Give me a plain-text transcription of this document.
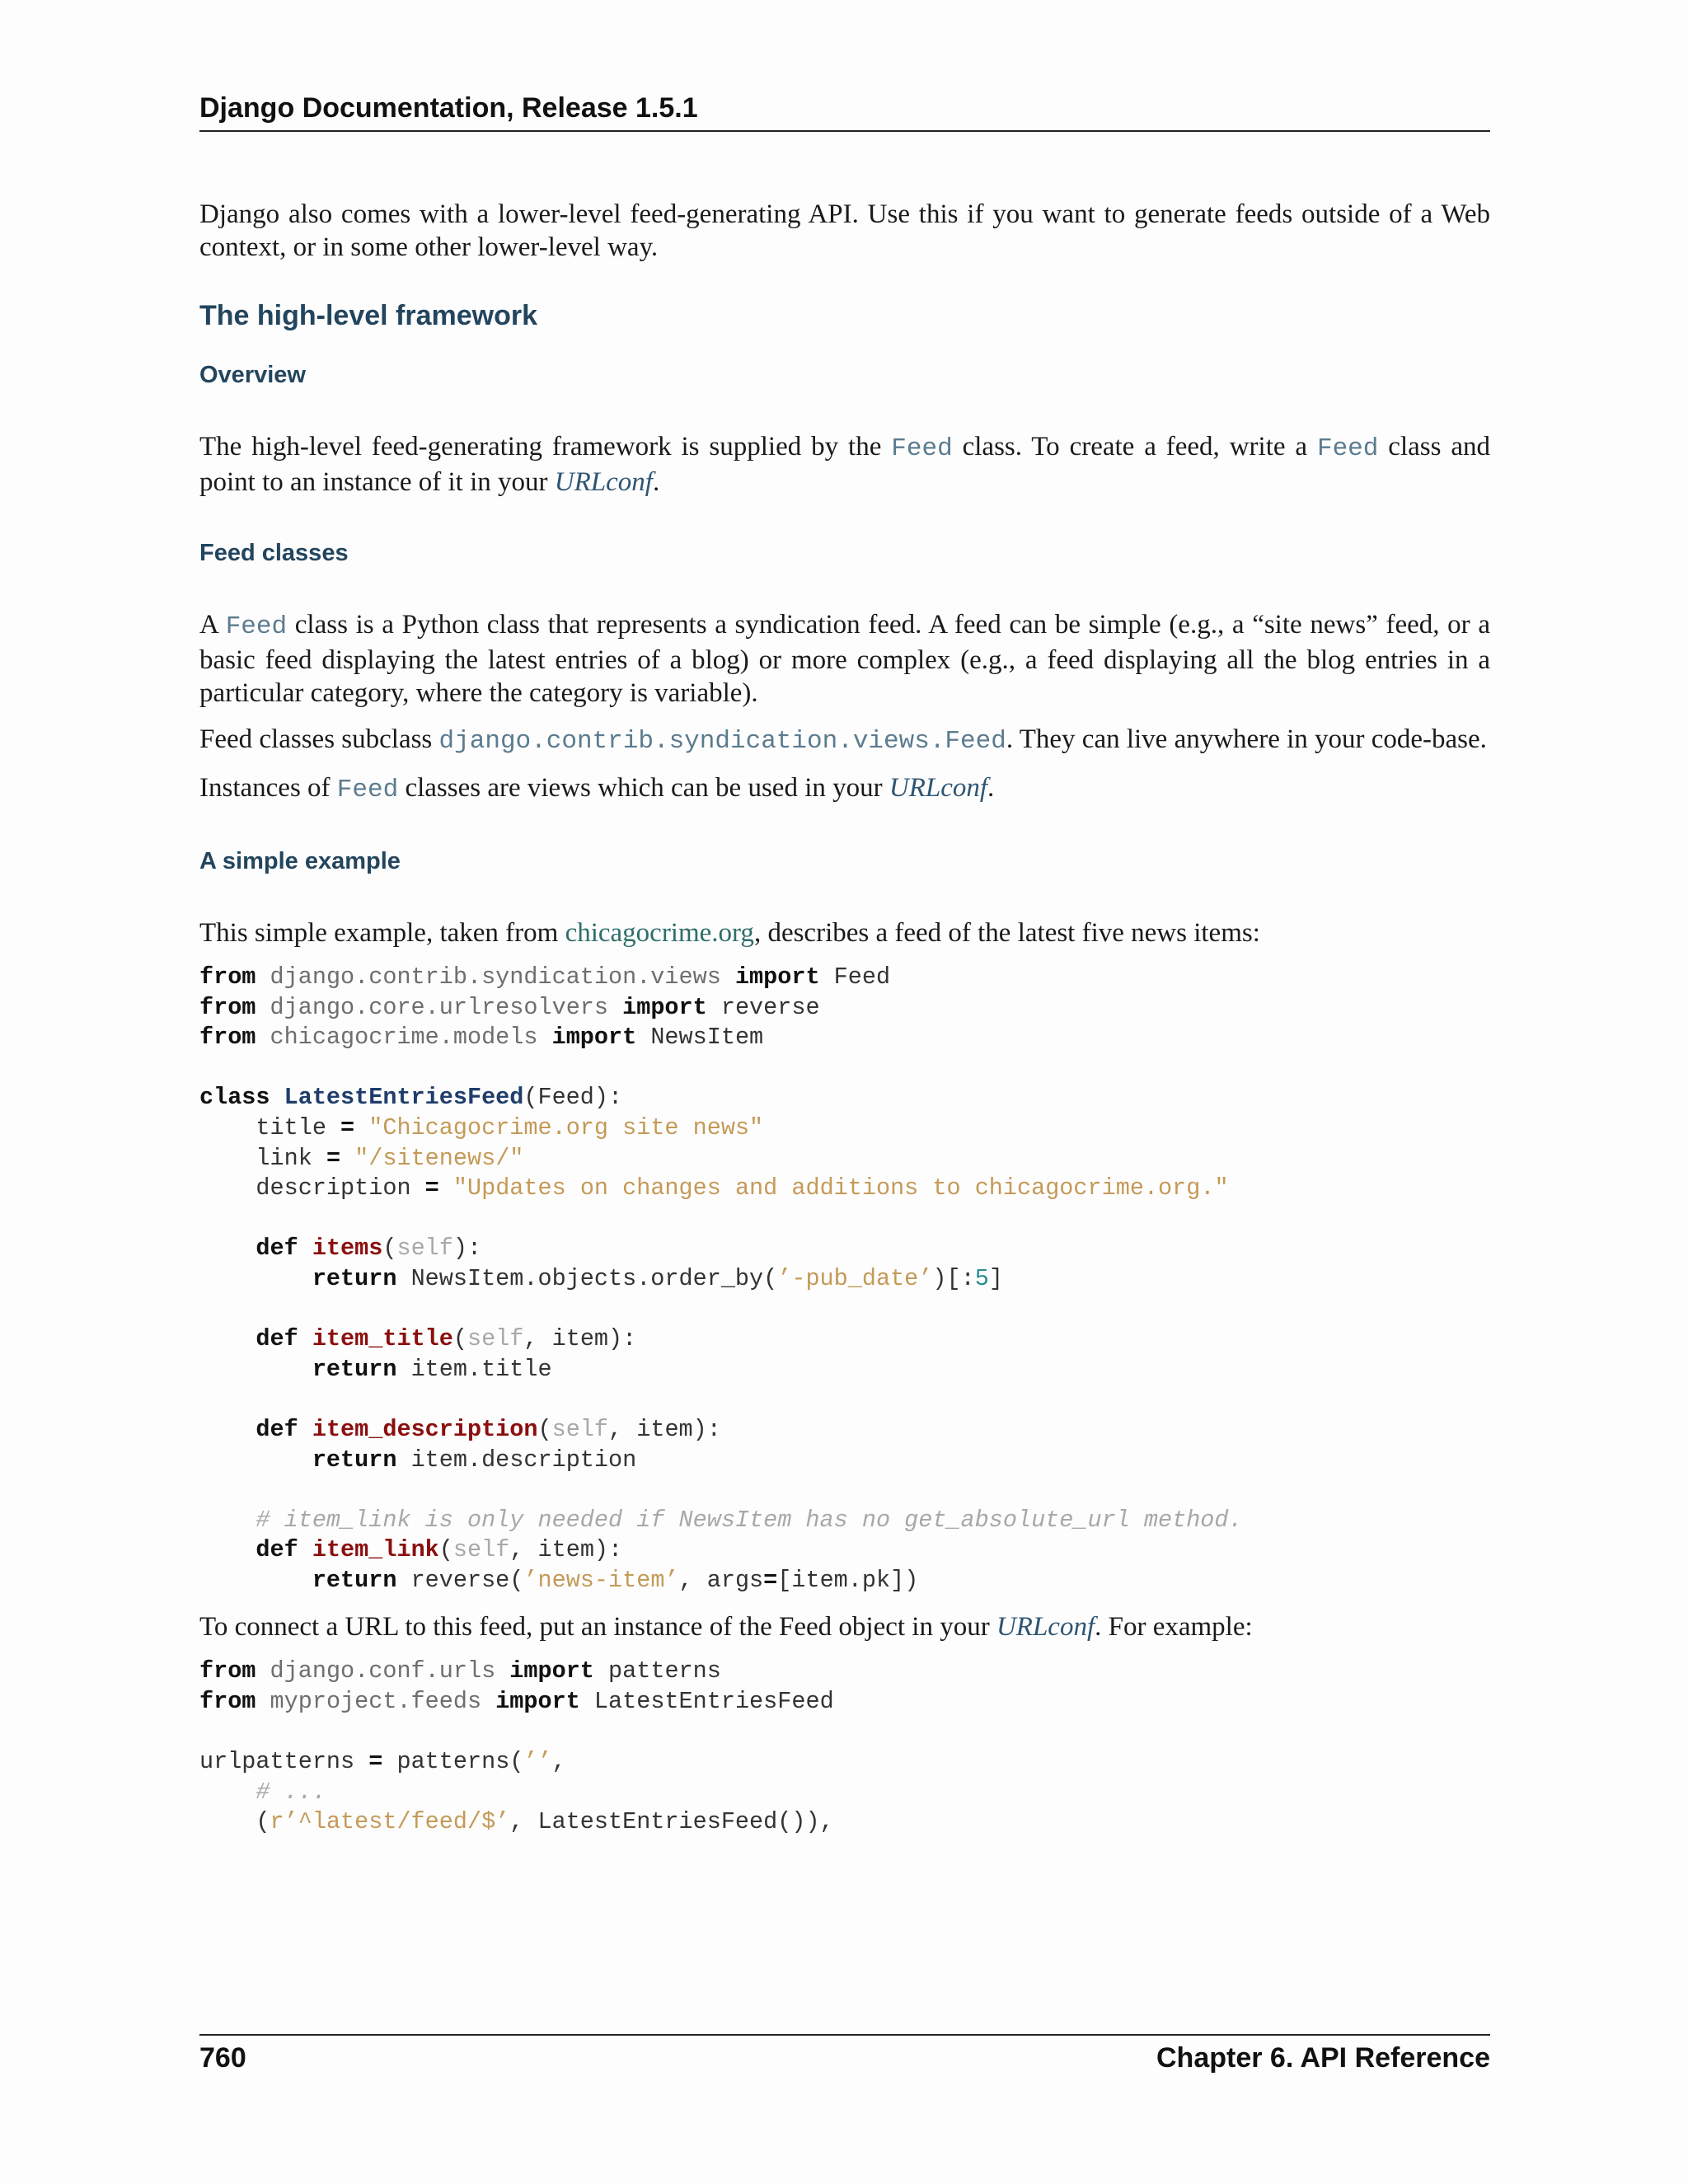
Django Documentation, Release 1.5.1

Django also comes with a lower-level feed-generating API. Use this if you want to generate feeds outside of a Web context, or in some other lower-level way.

The high-level framework
Overview

The high-level feed-generating framework is supplied by the Feed class. To create a feed, write a Feed class and point to an instance of it in your URLconf.

Feed classes

A Feed class is a Python class that represents a syndication feed. A feed can be simple (e.g., a “site news” feed, or a basic feed displaying the latest entries of a blog) or more complex (e.g., a feed displaying all the blog entries in a particular category, where the category is variable).

Feed classes subclass django.contrib.syndication.views.Feed. They can live anywhere in your code-base.

Instances of Feed classes are views which can be used in your URLconf.

A simple example

This simple example, taken from chicagocrime.org, describes a feed of the latest five news items:

from django.contrib.syndication.views import Feed
from django.core.urlresolvers import reverse
from chicagocrime.models import NewsItem

class LatestEntriesFeed(Feed):
title = "Chicagocrime.org site news"
link = "/sitenews/"
description = "Updates on changes and additions to chicagocrime.org."

def items(self):
return NewsItem.objects.order_by(’-pub_date’)[:5]

def item_title(self, item):
return item.title

def item_description(self, item):
return item.description

# item_link is only needed if NewsItem has no get_absolute_url method.
def item_link(self, item):
return reverse(’news-item’, args=[item.pk])

To connect a URL to this feed, put an instance of the Feed object in your URLconf. For example:

from django.conf.urls import patterns
from myproject.feeds import LatestEntriesFeed

urlpatterns = patterns(’’,
# ...
(r’^latest/feed/$’, LatestEntriesFeed()),
760	Chapter 6. API Reference
